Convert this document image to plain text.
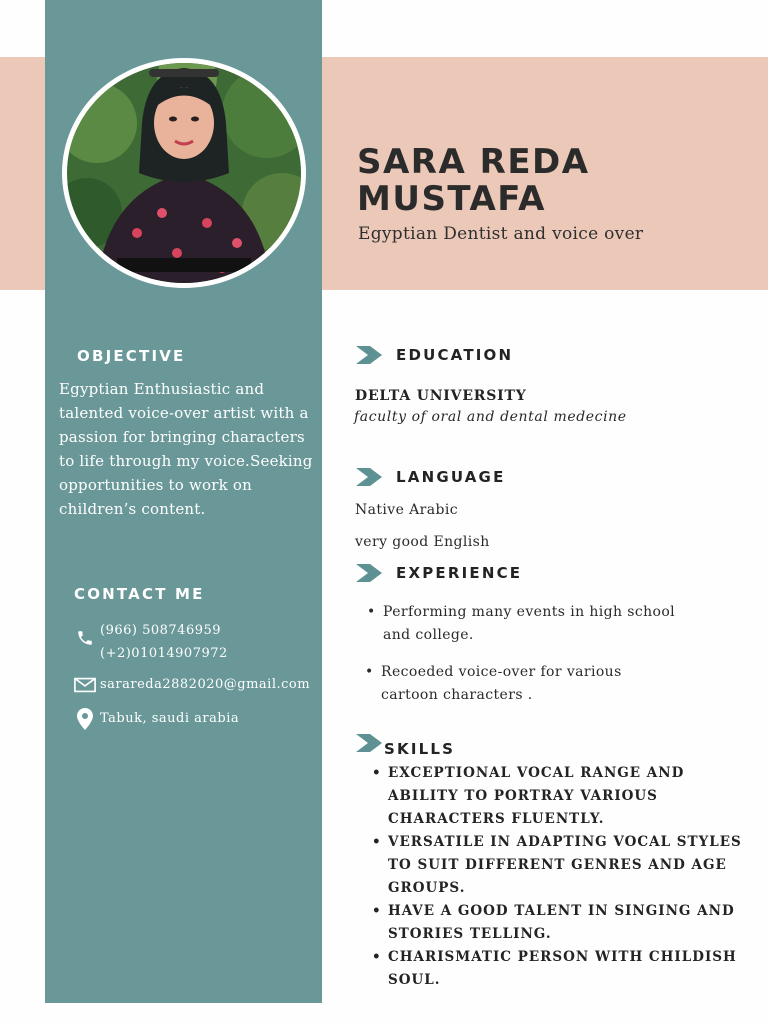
SARA REDA MUSTAFA
Egyptian Dentist and voice over
OBJECTIVE
Egyptian Enthusiastic and talented voice-over artist with a passion for bringing characters to life through my voice.Seeking opportunities to work on children’s content.
CONTACT ME
(966) 508746959
(+2)01014907972
sarareda2882020@gmail.com
Tabuk, saudi arabia
EDUCATION
DELTA UNIVERSITY
faculty of oral and dental medecine
LANGUAGE
Native Arabic
very good English
EXPERIENCE
• Performing many events in high school and college.
• Recoeded voice-over for various cartoon characters .
SKILLS
• EXCEPTIONAL VOCAL RANGE AND ABILITY TO PORTRAY VARIOUS CHARACTERS FLUENTLY.
• VERSATILE IN ADAPTING VOCAL STYLES TO SUIT DIFFERENT GENRES AND AGE GROUPS.
• HAVE A GOOD TALENT IN SINGING AND STORIES TELLING.
• CHARISMATIC PERSON WITH CHILDISH SOUL.
